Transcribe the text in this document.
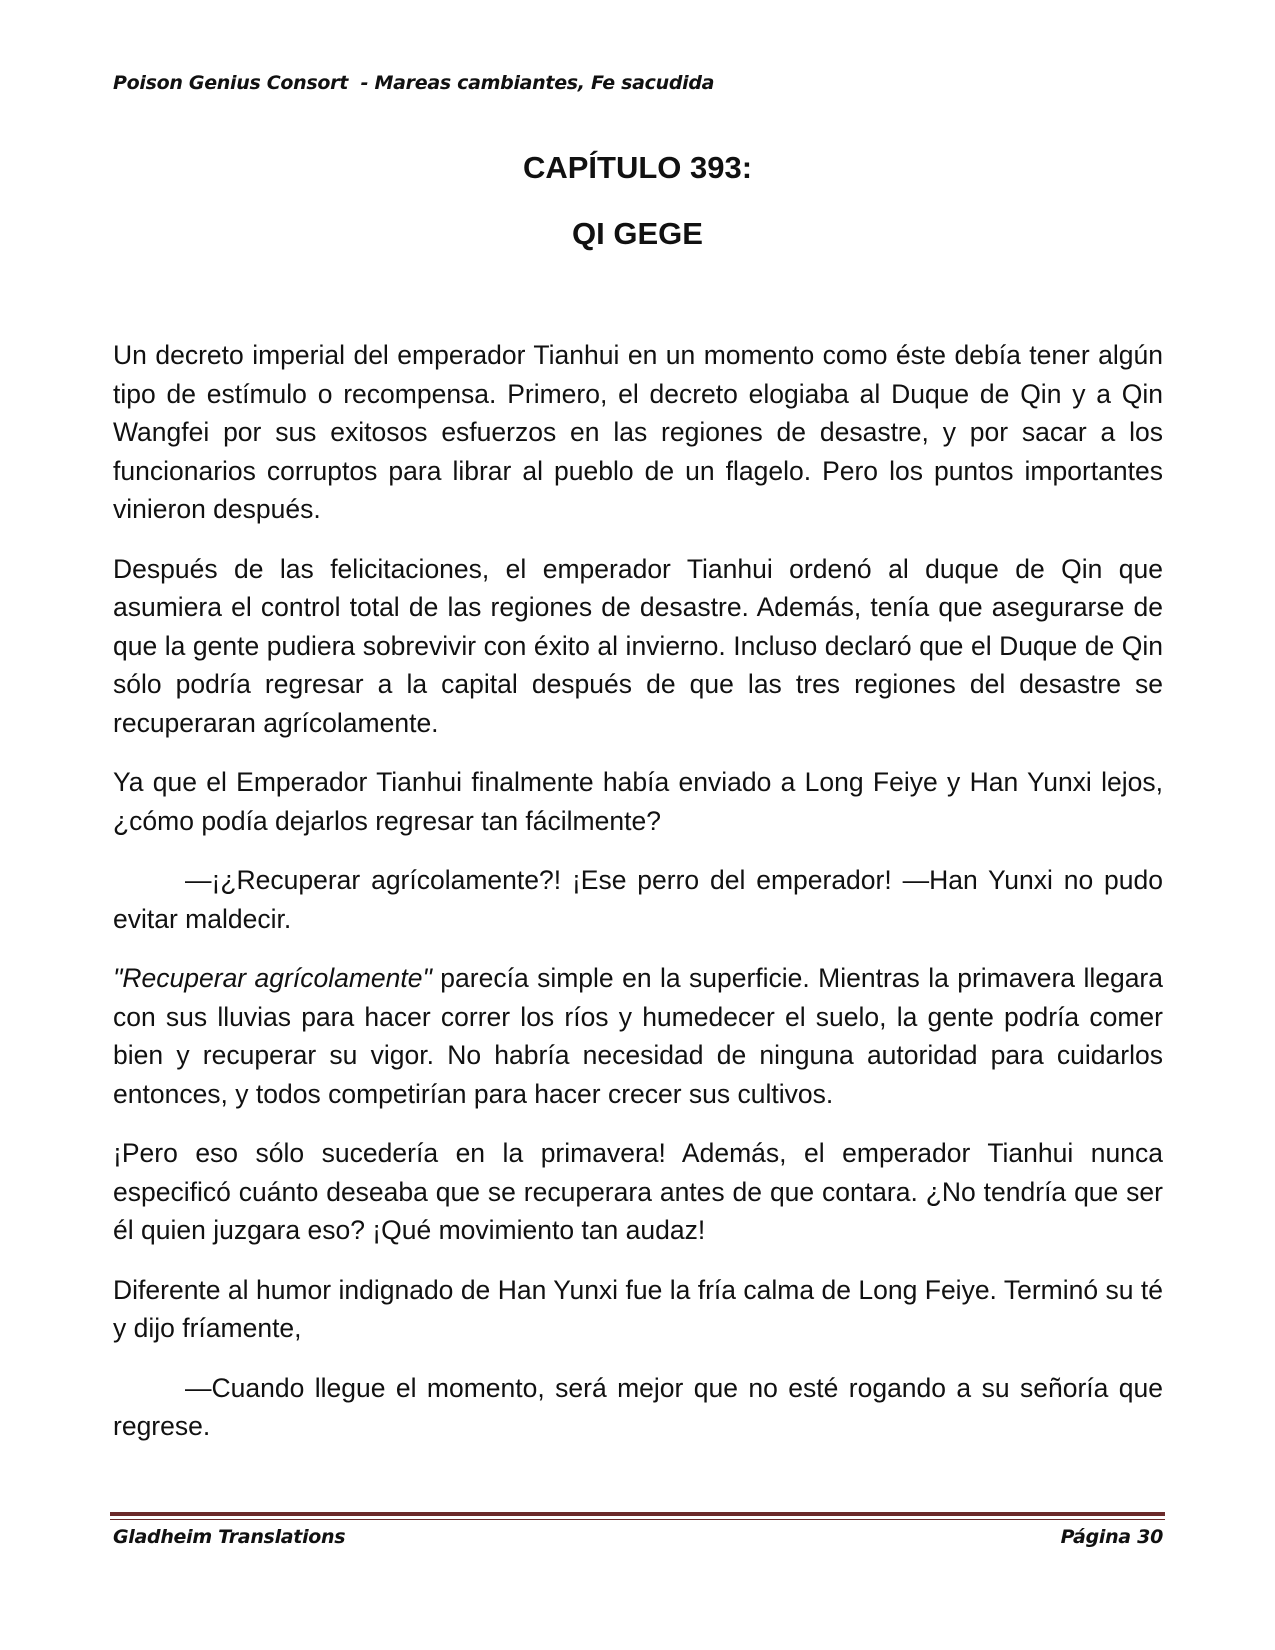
Poison Genius Consort  - Mareas cambiantes, Fe sacudida
CAPÍTULO 393:
QI GEGE

Un decreto imperial del emperador Tianhui en un momento como éste debía tener algún tipo de estímulo o recompensa. Primero, el decreto elogiaba al Duque de Qin y a Qin Wangfei por sus exitosos esfuerzos en las regiones de desastre, y por sacar a los funcionarios corruptos para librar al pueblo de un flagelo. Pero los puntos importantes vinieron después.

Después de las felicitaciones, el emperador Tianhui ordenó al duque de Qin que asumiera el control total de las regiones de desastre. Además, tenía que asegurarse de que la gente pudiera sobrevivir con éxito al invierno. Incluso declaró que el Duque de Qin sólo podría regresar a la capital después de que las tres regiones del desastre se recuperaran agrícolamente.

Ya que el Emperador Tianhui finalmente había enviado a Long Feiye y Han Yunxi lejos, ¿cómo podía dejarlos regresar tan fácilmente?

—¡¿Recuperar agrícolamente?! ¡Ese perro del emperador! —Han Yunxi no pudo evitar maldecir.

"Recuperar agrícolamente" parecía simple en la superficie. Mientras la primavera llegara con sus lluvias para hacer correr los ríos y humedecer el suelo, la gente podría comer bien y recuperar su vigor. No habría necesidad de ninguna autoridad para cuidarlos entonces, y todos competirían para hacer crecer sus cultivos.

¡Pero eso sólo sucedería en la primavera! Además, el emperador Tianhui nunca especificó cuánto deseaba que se recuperara antes de que contara. ¿No tendría que ser él quien juzgara eso? ¡Qué movimiento tan audaz!

Diferente al humor indignado de Han Yunxi fue la fría calma de Long Feiye. Terminó su té y dijo fríamente,

—Cuando llegue el momento, será mejor que no esté rogando a su señoría que regrese.

Gladheim Translations	Página 30
